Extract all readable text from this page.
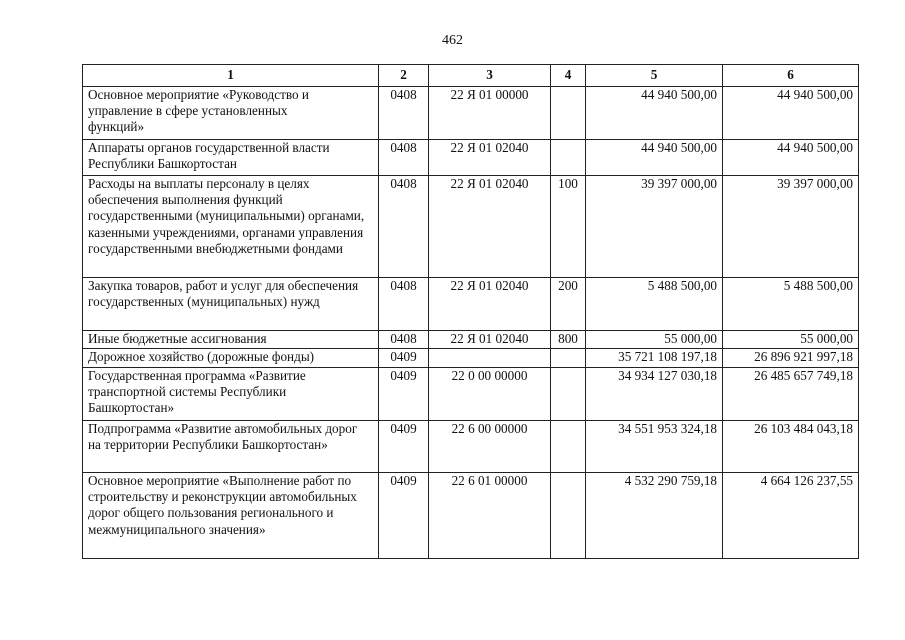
462
1	2	3	4	5	6
Основное мероприятие «Руководство и управление в сфере установленных функций»	0408	22 Я 01 00000		44 940 500,00	44 940 500,00
Аппараты органов государственной власти Республики Башкортостан	0408	22 Я 01 02040		44 940 500,00	44 940 500,00
Расходы на выплаты персоналу в целях обеспечения выполнения функций государственными (муниципальными) органами, казенными учреждениями, органами управления государственными внебюджетными фондами	0408	22 Я 01 02040	100	39 397 000,00	39 397 000,00
Закупка товаров, работ и услуг для обеспечения государственных (муниципальных) нужд	0408	22 Я 01 02040	200	5 488 500,00	5 488 500,00
Иные бюджетные ассигнования	0408	22 Я 01 02040	800	55 000,00	55 000,00
Дорожное хозяйство (дорожные фонды)	0409			35 721 108 197,18	26 896 921 997,18
Государственная программа «Развитие транспортной системы Республики Башкортостан»	0409	22 0 00 00000		34 934 127 030,18	26 485 657 749,18
Подпрограмма «Развитие автомобильных дорог на территории Республики Башкортостан»	0409	22 6 00 00000		34 551 953 324,18	26 103 484 043,18
Основное мероприятие «Выполнение работ по строительству и реконструкции автомобильных дорог общего пользования регионального и межмуниципального значения»	0409	22 6 01 00000		4 532 290 759,18	4 664 126 237,55
